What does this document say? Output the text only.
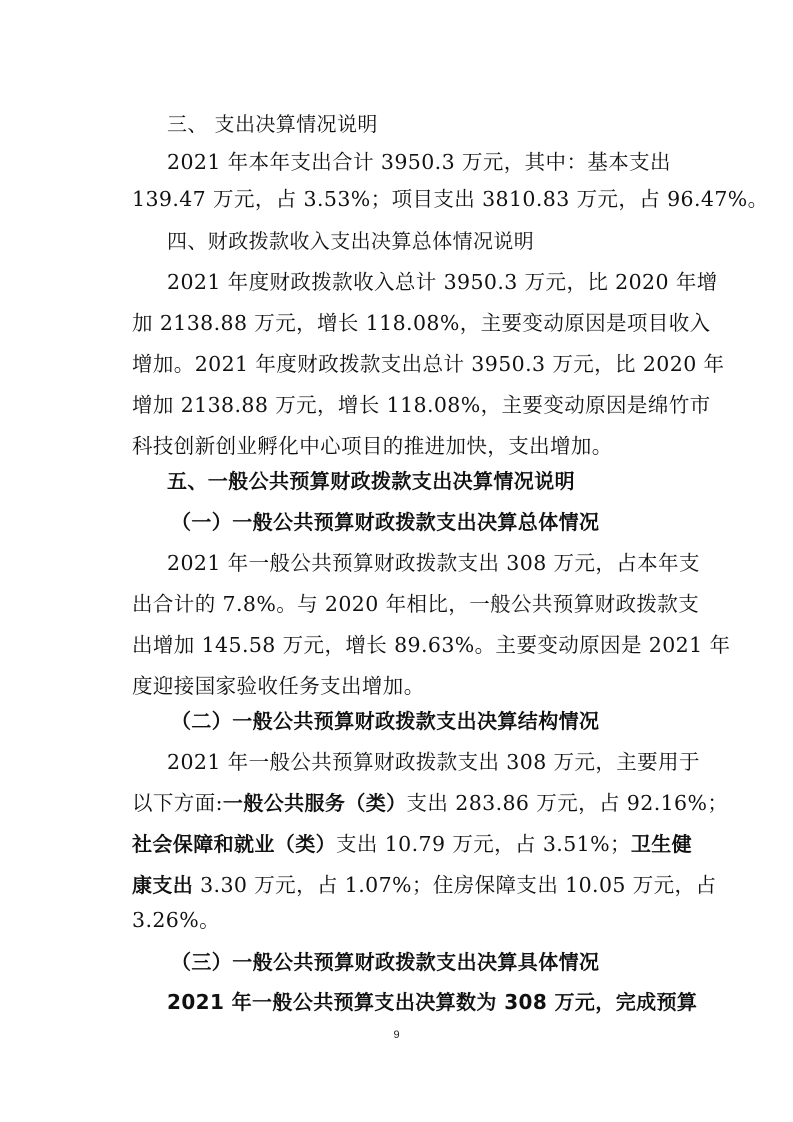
三、 支出决算情况说明
2021 年本年支出合计 3950.3 万元，其中：基本支出
139.47 万元，占 3.53%；项目支出 3810.83 万元，占 96.47%。
四、财政拨款收入支出决算总体情况说明
2021 年度财政拨款收入总计 3950.3 万元，比 2020 年增
加 2138.88 万元，增长 118.08%，主要变动原因是项目收入
增加。2021 年度财政拨款支出总计 3950.3 万元，比 2020 年
增加 2138.88 万元，增长 118.08%，主要变动原因是绵竹市
科技创新创业孵化中心项目的推进加快，支出增加。
五、一般公共预算财政拨款支出决算情况说明
（一）一般公共预算财政拨款支出决算总体情况
2021 年一般公共预算财政拨款支出 308 万元，占本年支
出合计的 7.8%。与 2020 年相比，一般公共预算财政拨款支
出增加 145.58 万元，增长 89.63%。主要变动原因是 2021 年
度迎接国家验收任务支出增加。
（二）一般公共预算财政拨款支出决算结构情况
2021 年一般公共预算财政拨款支出 308 万元，主要用于
以下方面:一般公共服务（类）支出 283.86 万元，占 92.16%；
社会保障和就业（类）支出 10.79 万元，占 3.51%；卫生健
康支出 3.30 万元，占 1.07%；住房保障支出 10.05 万元，占
3.26%。
（三）一般公共预算财政拨款支出决算具体情况
2021 年一般公共预算支出决算数为 308 万元，完成预算
9
